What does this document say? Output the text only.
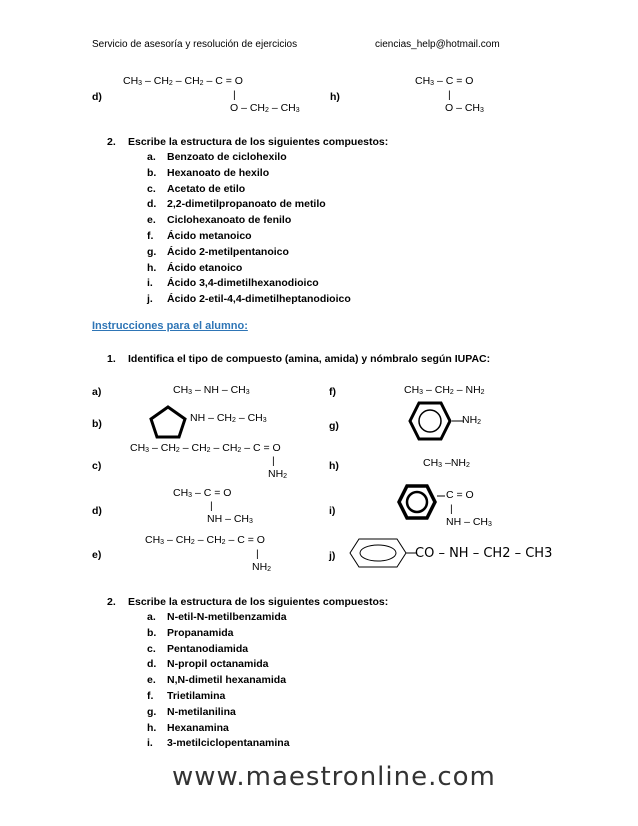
Servicio de asesoría y resolución de ejercicios	ciencias_help@hotmail.com
d)
CH3 – CH2 – CH2 – C = O
|
O – CH2 – CH3
h)
CH3 – C = O
|
O – CH3
2. Escribe la estructura de los siguientes compuestos:
a. Benzoato de ciclohexilo
b. Hexanoato de hexilo
c. Acetato de etilo
d. 2,2-dimetilpropanoato de metilo
e. Ciclohexanoato de fenilo
f. Ácido metanoico
g. Ácido 2-metilpentanoico
h. Ácido etanoico
i. Ácido 3,4-dimetilhexanodioico
j. Ácido 2-etil-4,4-dimetilheptanodioico
Instrucciones para el alumno:
1. Identifica el tipo de compuesto (amina, amida) y nómbralo según IUPAC:
a)	CH3 – NH – CH3
b)	NH – CH2 – CH3
c)
CH3 – CH2 – CH2 – CH2 – C = O
|
NH2
d)
CH3 – C = O
|
NH – CH3
e)
CH3 – CH2 – CH2 – C = O
|
NH2
f)	CH3 – CH2 – NH2
g)	NH2
h)	CH3 –NH2
i)
C = O
|
NH – CH3
j)	CO – NH – CH2 – CH3
2. Escribe la estructura de los siguientes compuestos:
a. N-etil-N-metilbenzamida
b. Propanamida
c. Pentanodiamida
d. N-propil octanamida
e. N,N-dimetil hexanamida
f. Trietilamina
g. N-metilanilina
h. Hexanamina
i. 3-metilciclopentanamina
www.maestronline.com
